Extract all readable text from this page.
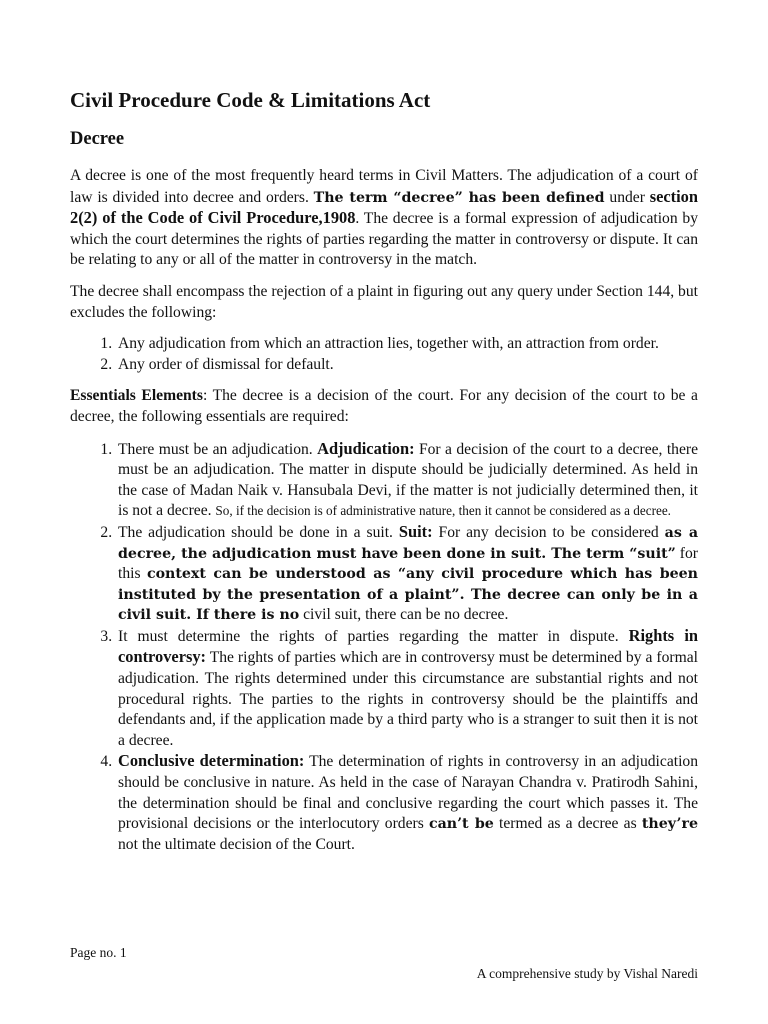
Civil Procedure Code & Limitations Act
Decree

A decree is one of the most frequently heard terms in Civil Matters. The adjudication of a court of law is divided into decree and orders. The term “decree” has been defined under section 2(2) of the Code of Civil Procedure,1908. The decree is a formal expression of adjudication by which the court determines the rights of parties regarding the matter in controversy or dispute. It can be relating to any or all of the matter in controversy in the match.

The decree shall encompass the rejection of a plaint in figuring out any query under Section 144, but excludes the following:

1. Any adjudication from which an attraction lies, together with, an attraction from order.
2. Any order of dismissal for default.

Essentials Elements: The decree is a decision of the court. For any decision of the court to be a decree, the following essentials are required:

1. There must be an adjudication. Adjudication: For a decision of the court to a decree, there must be an adjudication. The matter in dispute should be judicially determined. As held in the case of Madan Naik v. Hansubala Devi, if the matter is not judicially determined then, it is not a decree. So, if the decision is of administrative nature, then it cannot be considered as a decree.
2. The adjudication should be done in a suit. Suit: For any decision to be considered as a decree, the adjudication must have been done in suit. The term “suit” for this context can be understood as “any civil procedure which has been instituted by the presentation of a plaint”. The decree can only be in a civil suit. If there is no civil suit, there can be no decree.
3. It must determine the rights of parties regarding the matter in dispute. Rights in controversy: The rights of parties which are in controversy must be determined by a formal adjudication. The rights determined under this circumstance are substantial rights and not procedural rights. The parties to the rights in controversy should be the plaintiffs and defendants and, if the application made by a third party who is a stranger to suit then it is not a decree.
4. Conclusive determination: The determination of rights in controversy in an adjudication should be conclusive in nature. As held in the case of Narayan Chandra v. Pratirodh Sahini, the determination should be final and conclusive regarding the court which passes it. The provisional decisions or the interlocutory orders can’t be termed as a decree as they’re not the ultimate decision of the Court.
Page no. 1
A comprehensive study by Vishal Naredi
